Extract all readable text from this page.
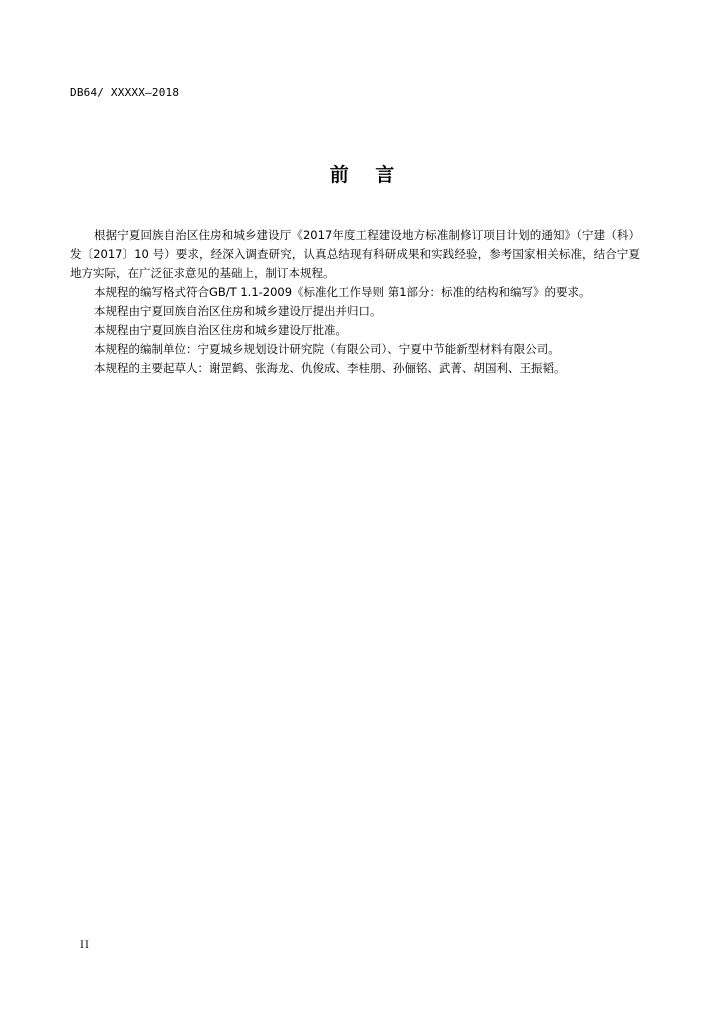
DB64/ XXXXX—2018
前    言

根据宁夏回族自治区住房和城乡建设厅《2017年度工程建设地方标准制修订项目计划的通知》（宁建（科）发〔2017〕10 号）要求，经深入调查研究，认真总结现有科研成果和实践经验，参考国家相关标准，结合宁夏地方实际，在广泛征求意见的基础上，制订本规程。

本规程的编写格式符合GB/T 1.1-2009《标准化工作导则 第1部分：标准的结构和编写》的要求。

本规程由宁夏回族自治区住房和城乡建设厅提出并归口。

本规程由宁夏回族自治区住房和城乡建设厅批准。

本规程的编制单位：宁夏城乡规划设计研究院（有限公司）、宁夏中节能新型材料有限公司。

本规程的主要起草人：谢罡鹤、张海龙、仇俊成、李桂朋、孙俪铭、武菁、胡国利、王振韬。

II
